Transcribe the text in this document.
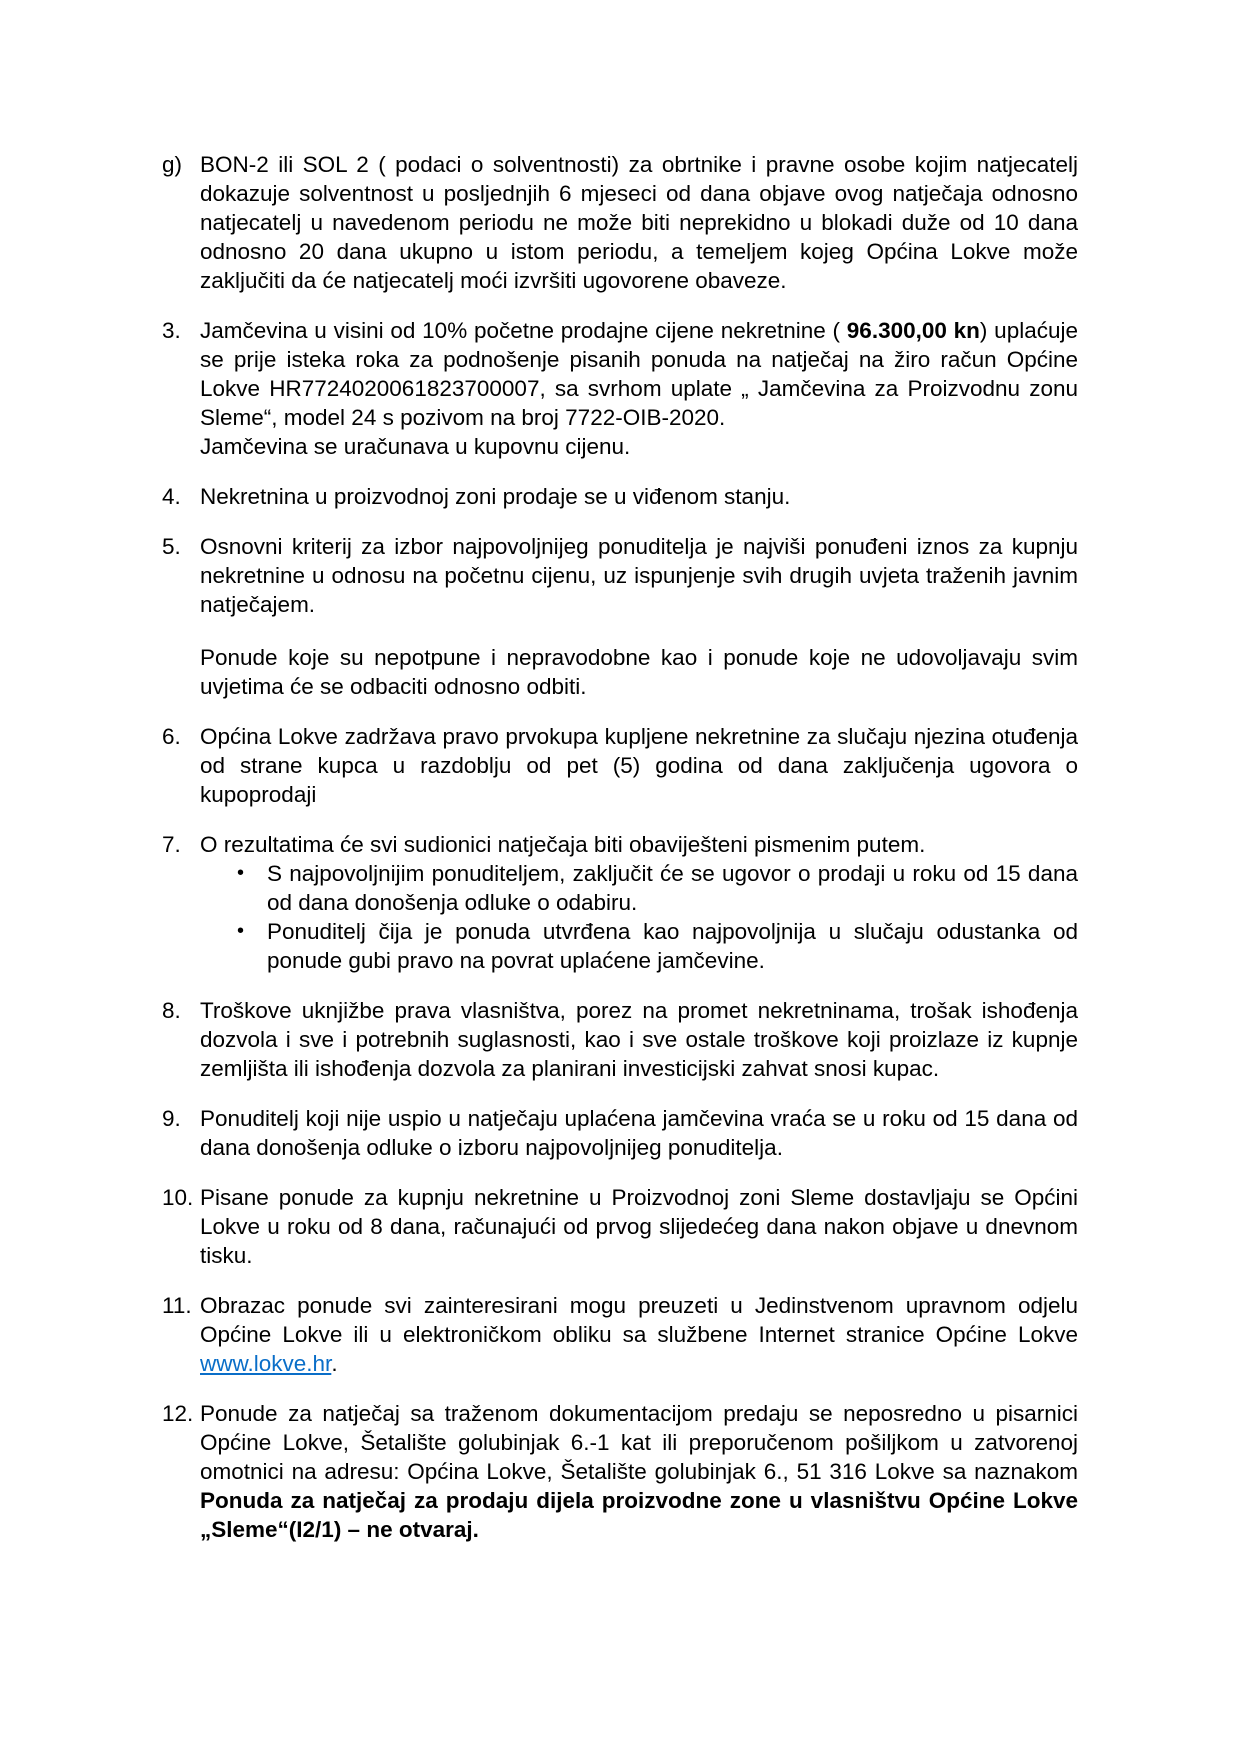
g) BON-2 ili SOL 2 ( podaci o solventnosti) za obrtnike i pravne osobe kojim natjecatelj dokazuje solventnost u posljednjih 6 mjeseci od dana objave ovog natječaja odnosno natjecatelj u navedenom periodu ne može biti neprekidno u blokadi duže od 10 dana odnosno 20 dana ukupno u istom periodu, a temeljem kojeg Općina Lokve može zaključiti da će natjecatelj moći izvršiti ugovorene obaveze.
3. Jamčevina u visini od 10% početne prodajne cijene nekretnine ( 96.300,00 kn) uplaćuje se prije isteka roka za podnošenje pisanih ponuda na natječaj na žiro račun Općine Lokve HR7724020061823700007, sa svrhom uplate „ Jamčevina za Proizvodnu zonu Sleme“, model 24 s pozivom na broj 7722-OIB-2020.

Jamčevina se uračunava u kupovnu cijenu.

4. Nekretnina u proizvodnoj zoni prodaje se u viđenom stanju.
5. Osnovni kriterij za izbor najpovoljnijeg ponuditelja je najviši ponuđeni iznos za kupnju nekretnine u odnosu na početnu cijenu, uz ispunjenje svih drugih uvjeta traženih javnim natječajem.
Ponude koje su nepotpune i nepravodobne kao i ponude koje ne udovoljavaju svim uvjetima će se odbaciti odnosno odbiti.
6. Općina Lokve zadržava pravo prvokupa kupljene nekretnine za slučaju njezina otuđenja od strane kupca u razdoblju od pet (5) godina od dana zaključenja ugovora o kupoprodaji
7. O rezultatima će svi sudionici natječaja biti obaviješteni pismenim putem.

•	S najpovoljnijim ponuditeljem, zaključit će se ugovor o prodaji u roku od 15 dana od dana donošenja odluke o odabiru.
•	Ponuditelj čija je ponuda utvrđena kao najpovoljnija u slučaju odustanka od ponude gubi pravo na povrat uplaćene jamčevine.
8. Troškove uknjižbe prava vlasništva, porez na promet nekretninama, trošak ishođenja dozvola i sve i potrebnih suglasnosti, kao i sve ostale troškove koji proizlaze iz kupnje zemljišta ili ishođenja dozvola za planirani investicijski zahvat snosi kupac.
9. Ponuditelj koji nije uspio u natječaju uplaćena jamčevina vraća se u roku od 15 dana od dana donošenja odluke o izboru najpovoljnijeg ponuditelja.
10. Pisane ponude za kupnju nekretnine u Proizvodnoj zoni Sleme dostavljaju se Općini Lokve u roku od 8 dana, računajući od prvog slijedećeg dana nakon objave u dnevnom tisku.
11. Obrazac ponude svi zainteresirani mogu preuzeti u Jedinstvenom upravnom odjelu Općine Lokve ili u elektroničkom obliku sa službene Internet stranice Općine Lokve www.lokve.hr.
12. Ponude za natječaj sa traženom dokumentacijom predaju se neposredno u pisarnici Općine Lokve, Šetalište golubinjak 6.-1 kat ili preporučenom pošiljkom u zatvorenoj omotnici na adresu: Općina Lokve, Šetalište golubinjak 6., 51 316 Lokve sa naznakom Ponuda za natječaj za prodaju dijela proizvodne zone u vlasništvu Općine Lokve „Sleme“(I2/1) – ne otvaraj.
